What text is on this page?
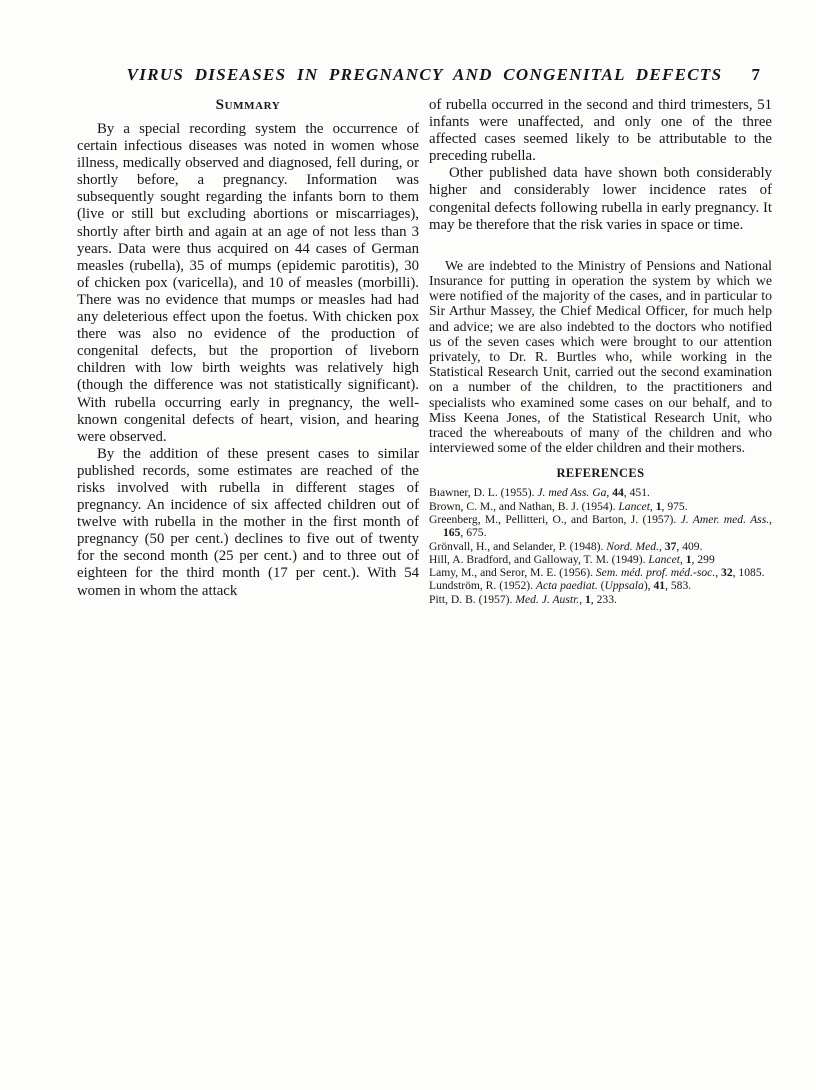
VIRUS DISEASES IN PREGNANCY AND CONGENITAL DEFECTS	7
Summary

By a special recording system the occurrence of certain infectious diseases was noted in women whose illness, medically observed and diagnosed, fell during, or shortly before, a pregnancy. Information was subsequently sought regarding the infants born to them (live or still but excluding abortions or miscarriages), shortly after birth and again at an age of not less than 3 years. Data were thus acquired on 44 cases of German measles (rubella), 35 of mumps (epidemic parotitis), 30 of chicken pox (varicella), and 10 of measles (morbilli). There was no evidence that mumps or measles had had any deleterious effect upon the foetus. With chicken pox there was also no evidence of the production of congenital defects, but the proportion of liveborn children with low birth weights was relatively high (though the difference was not statistically significant). With rubella occurring early in pregnancy, the well-known congenital defects of heart, vision, and hearing were observed.

By the addition of these present cases to similar published records, some estimates are reached of the risks involved with rubella in different stages of pregnancy. An incidence of six affected children out of twelve with rubella in the mother in the first month of pregnancy (50 per cent.) declines to five out of twenty for the second month (25 per cent.) and to three out of eighteen for the third month (17 per cent.). With 54 women in whom the attack

of rubella occurred in the second and third trimesters, 51 infants were unaffected, and only one of the three affected cases seemed likely to be attributable to the preceding rubella.

Other published data have shown both considerably higher and considerably lower incidence rates of congenital defects following rubella in early pregnancy. It may be therefore that the risk varies in space or time.

We are indebted to the Ministry of Pensions and National Insurance for putting in operation the system by which we were notified of the majority of the cases, and in particular to Sir Arthur Massey, the Chief Medical Officer, for much help and advice; we are also indebted to the doctors who notified us of the seven cases which were brought to our attention privately, to Dr. R. Burtles who, while working in the Statistical Research Unit, carried out the second examination on a number of the children, to the practitioners and specialists who examined some cases on our behalf, and to Miss Keena Jones, of the Statistical Research Unit, who traced the whereabouts of many of the children and who interviewed some of the elder children and their mothers.

REFERENCES

Bıawner, D. L. (1955). J. med Ass. Ga, 44, 451.

Brown, C. M., and Nathan, B. J. (1954). Lancet, 1, 975.

Greenberg, M., Pellitteri, O., and Barton, J. (1957). J. Amer. med. Ass., 165, 675.

Grönvall, H., and Selander, P. (1948). Nord. Med., 37, 409.

Hill, A. Bradford, and Galloway, T. M. (1949). Lancet, 1, 299

Lamy, M., and Seror, M. E. (1956). Sem. méd. prof. méd.-soc., 32, 1085.

Lundström, R. (1952). Acta paediat. (Uppsala), 41, 583.

Pitt, D. B. (1957). Med. J. Austr., 1, 233.
